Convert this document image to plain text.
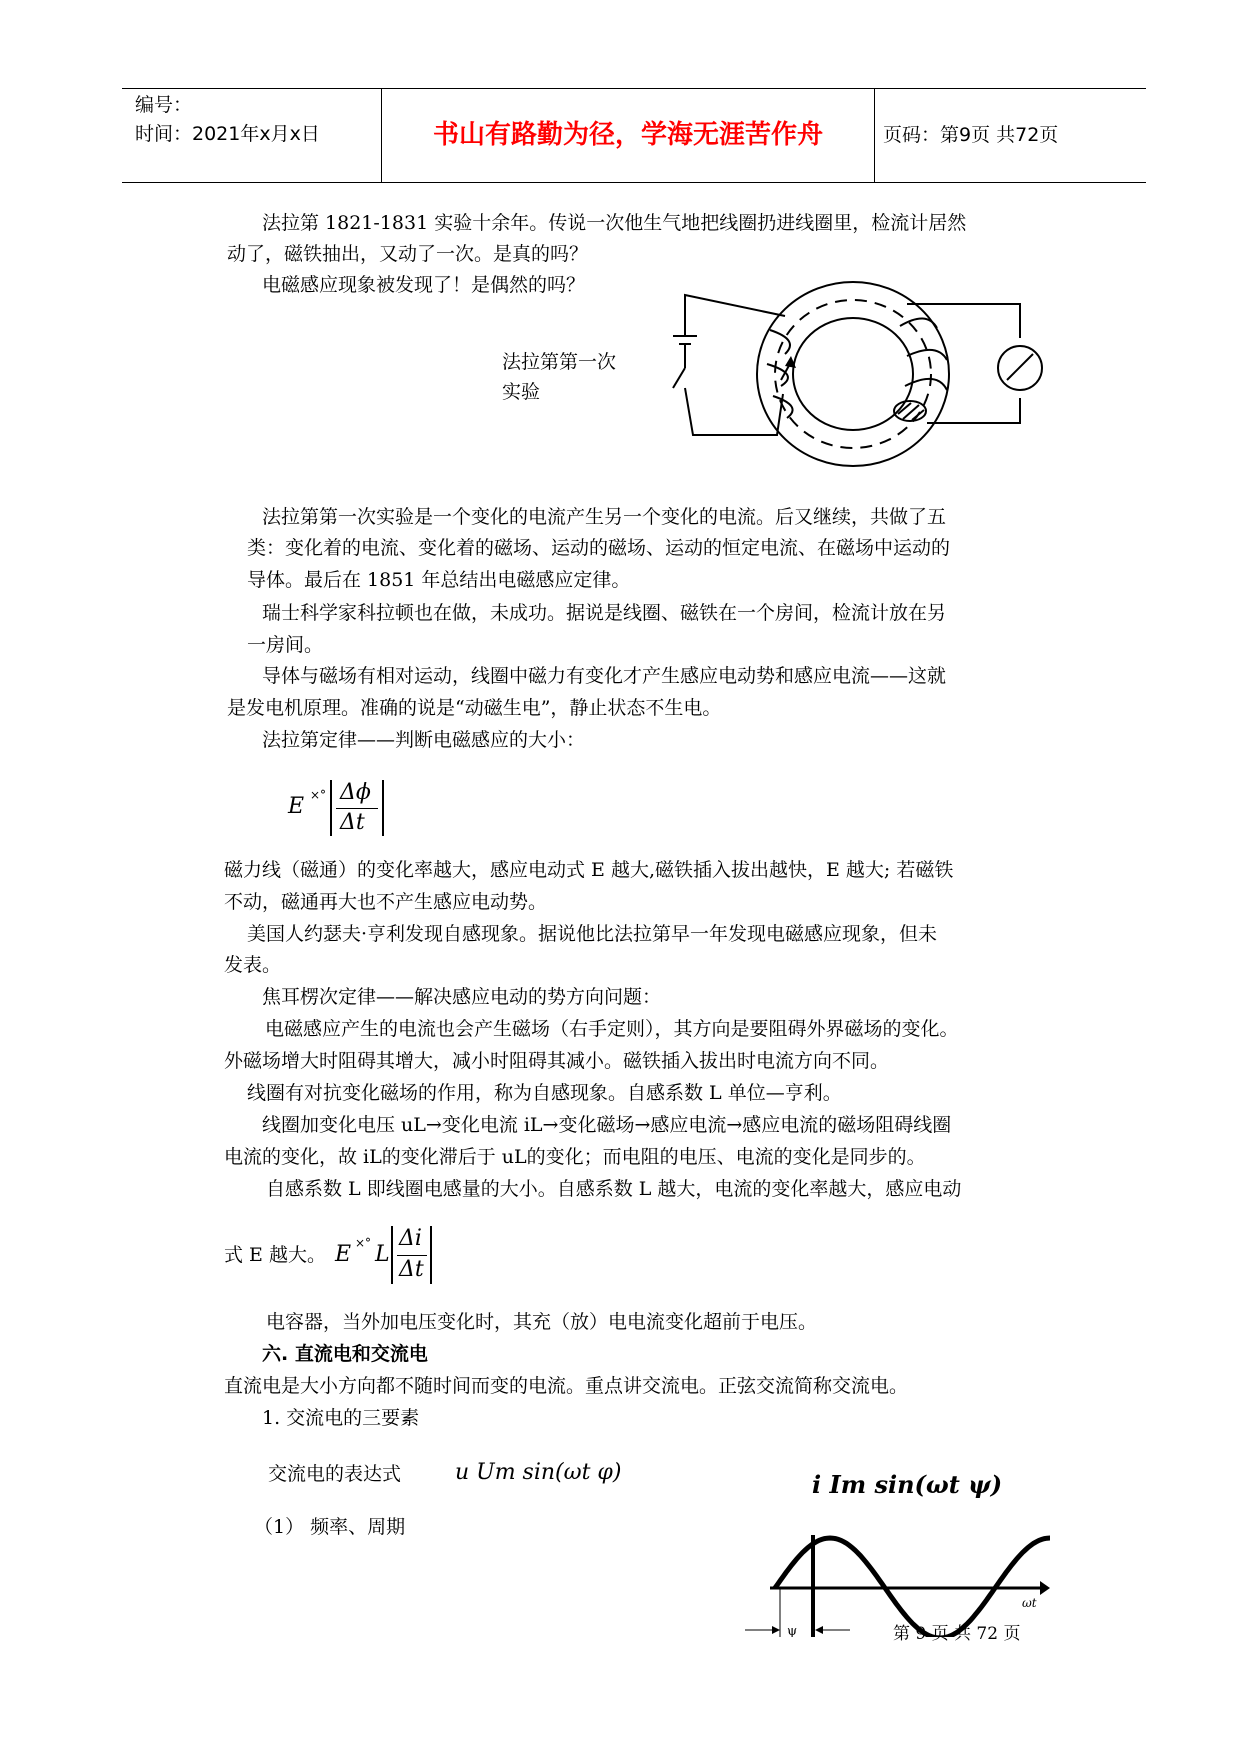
编号：
时间：2021年x月x日	书山有路勤为径，学海无涯苦作舟	页码：第9页 共72页
法拉第 1821-1831 实验十余年。传说一次他生气地把线圈扔进线圈里，检流计居然
动了，磁铁抽出，又动了一次。是真的吗？
电磁感应现象被发现了！是偶然的吗？
法拉第第一次
实验
法拉第第一次实验是一个变化的电流产生另一个变化的电流。后又继续，共做了五
类：变化着的电流、变化着的磁场、运动的磁场、运动的恒定电流、在磁场中运动的
导体。最后在 1851 年总结出电磁感应定律。
瑞士科学家科拉顿也在做，未成功。据说是线圈、磁铁在一个房间，检流计放在另
一房间。
导体与磁场有相对运动，线圈中磁力有变化才产生感应电动势和感应电流——这就
是发电机原理。准确的说是“动磁生电”，静止状态不生电。
法拉第定律——判断电磁感应的大小：
E ×° Δϕ
Δt
磁力线（磁通）的变化率越大，感应电动式 E 越大,磁铁插入拔出越快，E 越大; 若磁铁
不动，磁通再大也不产生感应电动势。
美国人约瑟夫·亨利发现自感现象。据说他比法拉第早一年发现电磁感应现象，但未
发表。
焦耳楞次定律——解决感应电动的势方向问题：
电磁感应产生的电流也会产生磁场（右手定则），其方向是要阻碍外界磁场的变化。
外磁场增大时阻碍其增大，减小时阻碍其减小。磁铁插入拔出时电流方向不同。
线圈有对抗变化磁场的作用，称为自感现象。自感系数 L 单位—亨利。
线圈加变化电压 uL→变化电流 iL→变化磁场→感应电流→感应电流的磁场阻碍线圈
电流的变化，故 iL的变化滞后于 uL的变化；而电阻的电压、电流的变化是同步的。
自感系数 L 即线圈电感量的大小。自感系数 L 越大，电流的变化率越大，感应电动
式 E 越大。 E ×° L
Δi
Δt
电容器，当外加电压变化时，其充（放）电电流变化超前于电压。
六. 直流电和交流电
直流电是大小方向都不随时间而变的电流。重点讲交流电。正弦交流简称交流电。
1. 交流电的三要素
交流电的表达式 u Um sin(ωt φ)
（1） 频率、周期
i Im sin(ωt ψ)
ωt
ψ	第 9 页 共 72 页
